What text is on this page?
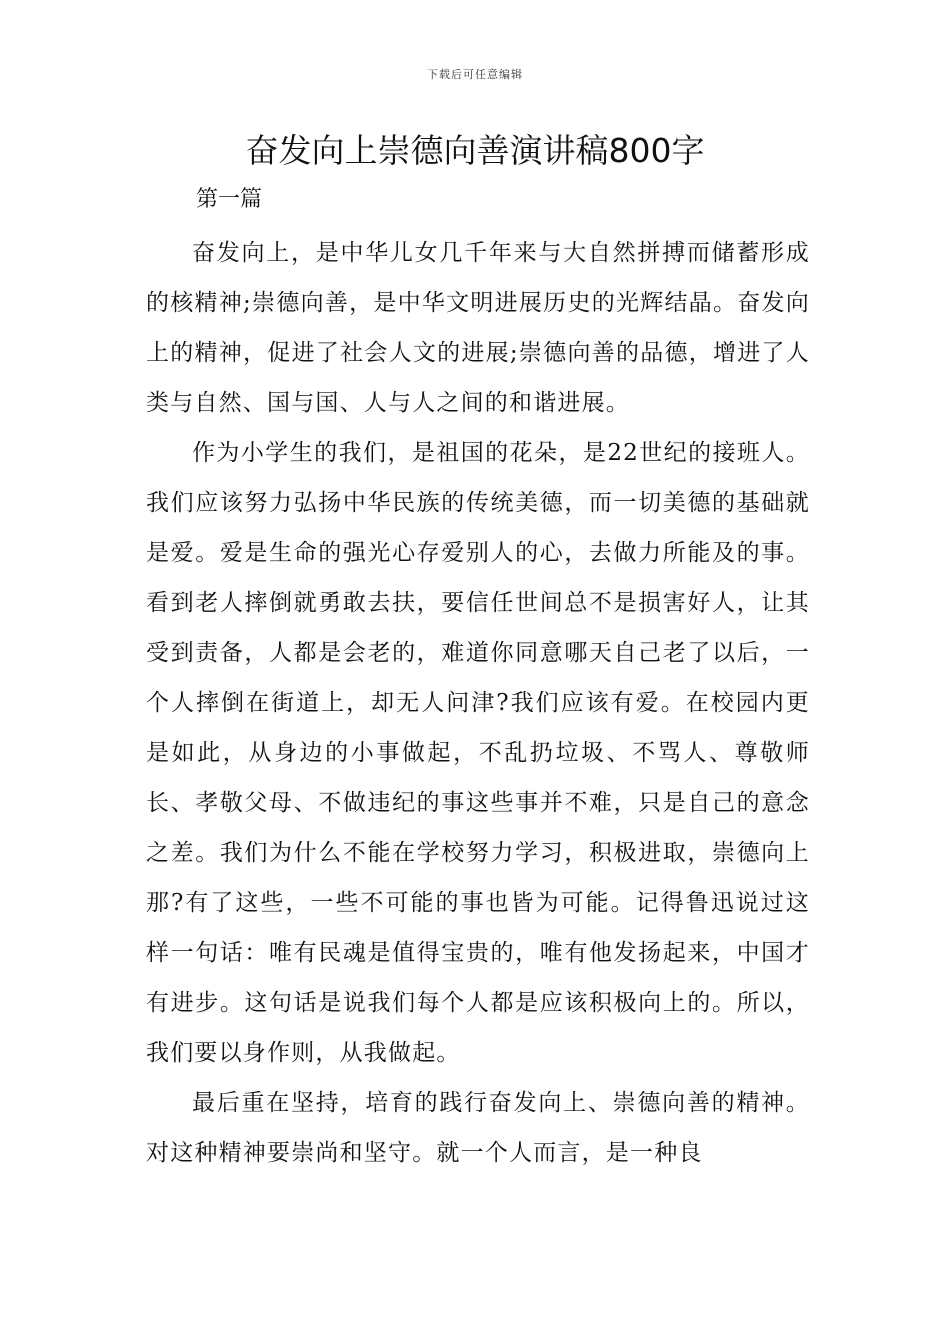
下载后可任意编辑
奋发向上崇德向善演讲稿800字

第一篇

奋发向上，是中华儿女几千年来与大自然拼搏而储蓄形成的核精神;崇德向善，是中华文明进展历史的光辉结晶。奋发向上的精神，促进了社会人文的进展;崇德向善的品德，增进了人类与自然、国与国、人与人之间的和谐进展。

作为小学生的我们，是祖国的花朵，是22世纪的接班人。我们应该努力弘扬中华民族的传统美德，而一切美德的基础就是爱。爱是生命的强光心存爱别人的心，去做力所能及的事。看到老人摔倒就勇敢去扶，要信任世间总不是损害好人，让其受到责备，人都是会老的，难道你同意哪天自己老了以后，一个人摔倒在街道上，却无人问津?我们应该有爱。在校园内更是如此，从身边的小事做起，不乱扔垃圾、不骂人、尊敬师长、孝敬父母、不做违纪的事这些事并不难，只是自己的意念之差。我们为什么不能在学校努力学习，积极进取，崇德向上那?有了这些，一些不可能的事也皆为可能。记得鲁迅说过这样一句话：唯有民魂是值得宝贵的，唯有他发扬起来，中国才有进步。这句话是说我们每个人都是应该积极向上的。所以，我们要以身作则，从我做起。

最后重在坚持，培育的践行奋发向上、崇德向善的精神。对这种精神要崇尚和坚守。就一个人而言，是一种良
